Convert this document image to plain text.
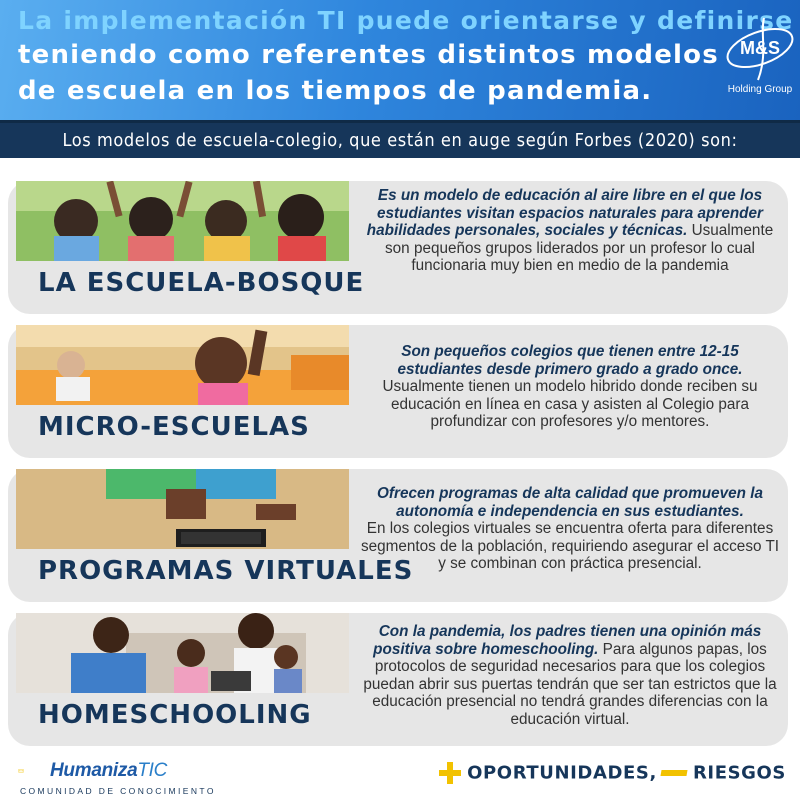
La implementación TI puede orientarse y definirse
teniendo como referentes distintos modelos
de escuela en los tiempos de pandemia.
M&S
Holding Group
Los modelos de escuela-colegio, que están en auge según Forbes (2020) son:
LA ESCUELA-BOSQUE
Es un modelo de educación al aire libre en el que los estudiantes visitan espacios naturales para aprender habilidades personales, sociales y técnicas. Usualmente son pequeños grupos liderados por un profesor lo cual funcionaria muy bien en medio de la pandemia
MICRO-ESCUELAS
Son pequeños colegios que tienen entre 12-15 estudiantes desde primero grado a grado once. Usualmente tienen un modelo hibrido donde reciben su educación en línea en casa y asisten al Colegio para profundizar con profesores y/o mentores.
PROGRAMAS VIRTUALES
Ofrecen programas de alta calidad que promueven la autonomía e independencia en sus estudiantes.
En los colegios virtuales se encuentra oferta para diferentes segmentos de la población, requiriendo asegurar el acceso TI y se combinan con práctica presencial.
HOMESCHOOLING
Con la pandemia, los padres tienen una opinión más positiva sobre homeschooling. Para algunos papas, los protocolos de seguridad necesarios para que los colegios puedan abrir sus puertas tendrán que ser tan estrictos que la educación presencial no tendrá grandes diferencias con la educación virtual.
HumanizaTIC
COMUNIDAD DE CONOCIMIENTO
OPORTUNIDADES, RIESGOS
